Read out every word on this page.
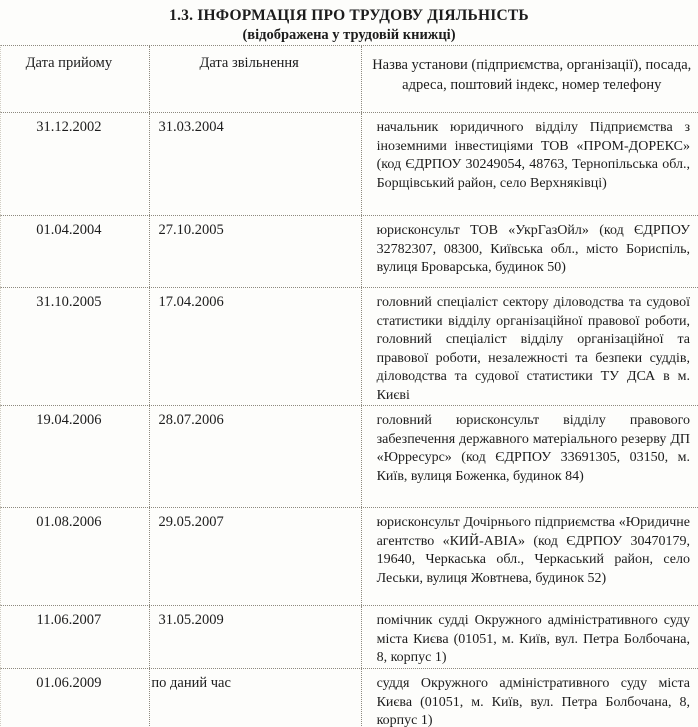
1.3. ІНФОРМАЦІЯ ПРО ТРУДОВУ ДІЯЛЬНІСТЬ
(відображена у трудовій книжці)
Дата прийому	Дата звільнення	Назва установи (підприємства, організації), посада, адреса, поштовий індекс, номер телефону
31.12.2002	31.03.2004	начальник юридичного відділу Підприємства з іноземними інвестиціями ТОВ «ПРОМ-ДОРЕКС» (код ЄДРПОУ 30249054, 48763, Тернопільська обл., Борщівський район, село Верхняківці)
01.04.2004	27.10.2005	юрисконсульт ТОВ «УкрГазОйл» (код ЄДРПОУ 32782307, 08300, Київська обл., місто Бориспіль, вулиця Броварська, будинок 50)
31.10.2005	17.04.2006	головний спеціаліст сектору діловодства та судової статистики відділу організаційної правової роботи, головний спеціаліст відділу організаційної та правової роботи, незалежності та безпеки суддів, діловодства та судової статистики ТУ ДСА в м. Києві
19.04.2006	28.07.2006	головний юрисконсульт відділу правового забезпечення державного матеріального резерву ДП «Юрресурс» (код ЄДРПОУ 33691305, 03150, м. Київ, вулиця Боженка, будинок 84)
01.08.2006	29.05.2007	юрисконсульт Дочірнього підприємства «Юридичне агентство «КИЙ-АВІА» (код ЄДРПОУ 30470179, 19640, Черкаська обл., Черкаський район, село Леськи, вулиця Жовтнева, будинок 52)
11.06.2007	31.05.2009	помічник судді Окружного адміністративного суду міста Києва (01051, м. Київ, вул. Петра Болбочана, 8, корпус 1)
01.06.2009	по даний час	суддя Окружного адміністративного суду міста Києва (01051, м. Київ, вул. Петра Болбочана, 8, корпус 1)
